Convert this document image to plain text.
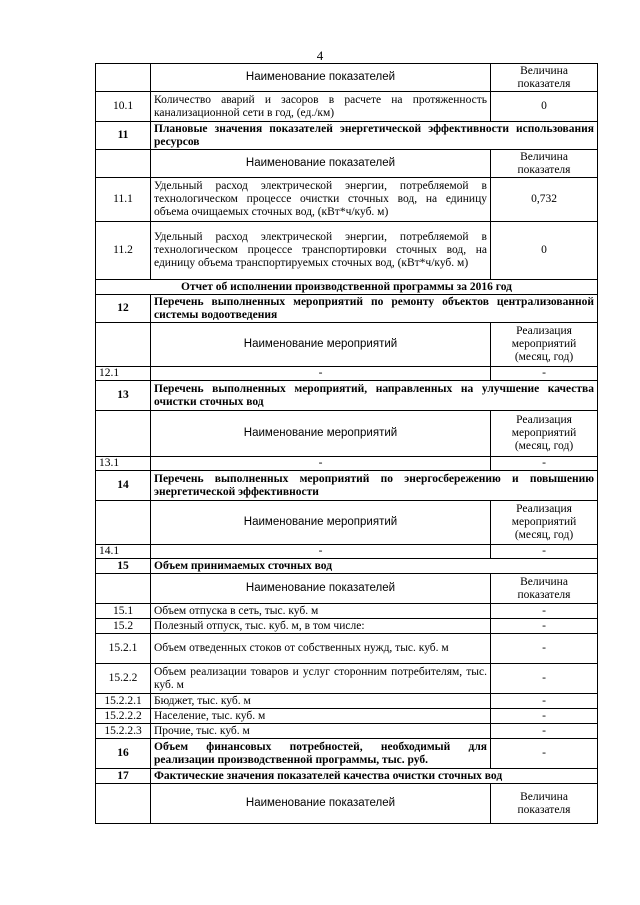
4
	Наименование показателей	Величина показателя
10.1	Количество аварий и засоров в расчете на протяженность канализационной сети в год, (ед./км)	0
11	Плановые значения показателей энергетической эффективности использования ресурсов	
	Наименование показателей	Величина показателя
11.1	Удельный расход электрической энергии, потребляемой в технологическом процессе очистки сточных вод, на единицу объема очищаемых сточных вод, (кВт*ч/куб. м)	0,732
11.2	Удельный расход электрической энергии, потребляемой в технологическом процессе транспортировки сточных вод, на единицу объема транспортируемых сточных вод, (кВт*ч/куб. м)	0
Отчет об исполнении производственной программы за 2016 год		
12	Перечень выполненных мероприятий по ремонту объектов централизованной системы водоотведения	
	Наименование мероприятий	Реализация мероприятий (месяц, год)
12.1	-	-
13	Перечень выполненных мероприятий, направленных на улучшение качества очистки сточных вод	
	Наименование мероприятий	Реализация мероприятий (месяц, год)
13.1	-	-
14	Перечень выполненных мероприятий по энергосбережению и повышению энергетической эффективности	
	Наименование мероприятий	Реализация мероприятий (месяц, год)
14.1	-	-
15	Объем принимаемых сточных вод	
	Наименование показателей	Величина показателя
15.1	Объем отпуска в сеть, тыс. куб. м	-
15.2	Полезный отпуск, тыс. куб. м, в том числе:	-
15.2.1	Объем отведенных стоков от собственных нужд, тыс. куб. м	-
15.2.2	Объем реализации товаров и услуг сторонним потребителям, тыс. куб. м	-
15.2.2.1	Бюджет, тыс. куб. м	-
15.2.2.2	Население, тыс. куб. м	-
15.2.2.3	Прочие, тыс. куб. м	-
16	Объем финансовых потребностей, необходимый для реализации производственной программы, тыс. руб.	-
17	Фактические значения показателей качества очистки сточных вод	
	Наименование показателей	Величина показателя
